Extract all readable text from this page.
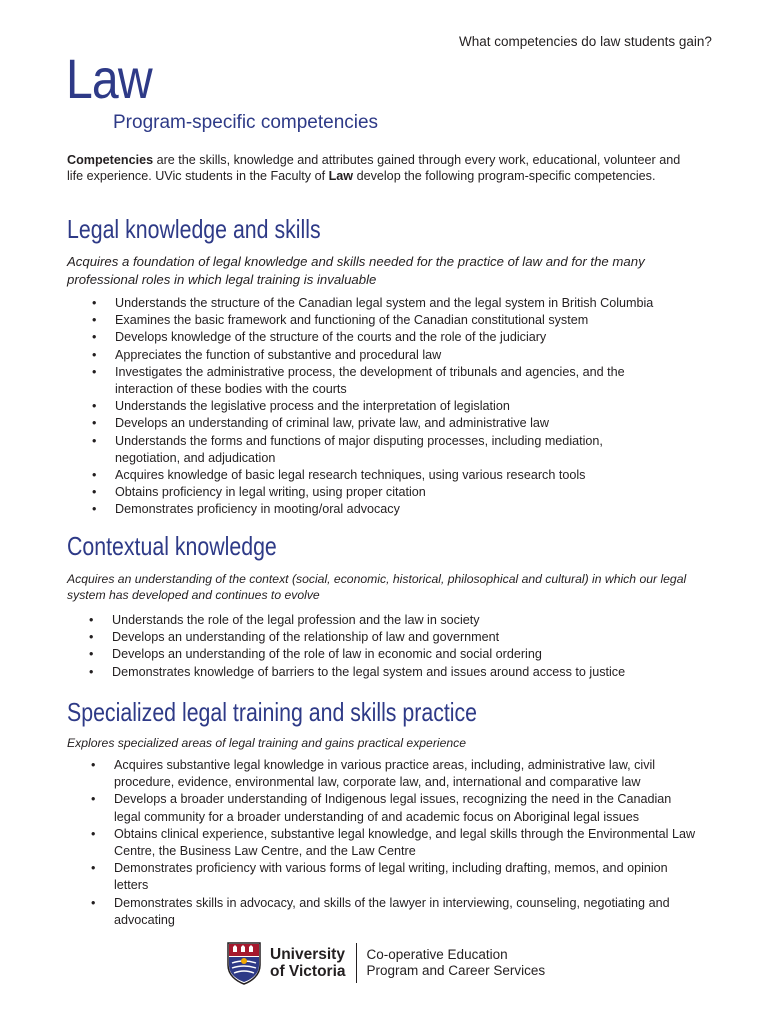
What competencies do law students gain?
Law
Program-specific competencies
Competencies are the skills, knowledge and attributes gained through every work, educational, volunteer and life experience. UVic students in the Faculty of Law develop the following program-specific competencies.
Legal knowledge and skills
Acquires a foundation of legal knowledge and skills needed for the practice of law and for the many professional roles in which legal training is invaluable
• Understands the structure of the Canadian legal system and the legal system in British Columbia
• Examines the basic framework and functioning of the Canadian constitutional system
• Develops knowledge of the structure of the courts and the role of the judiciary
• Appreciates the function of substantive and procedural law
• Investigates the administrative process, the development of tribunals and agencies, and the interaction of these bodies with the courts
• Understands the legislative process and the interpretation of legislation
• Develops an understanding of criminal law, private law, and administrative law
• Understands the forms and functions of major disputing processes, including mediation, negotiation, and adjudication
• Acquires knowledge of basic legal research techniques, using various research tools
• Obtains proficiency in legal writing, using proper citation
• Demonstrates proficiency in mooting/oral advocacy
Contextual knowledge
Acquires an understanding of the context (social, economic, historical, philosophical and cultural) in which our legal system has developed and continues to evolve
• Understands the role of the legal profession and the law in society
• Develops an understanding of the relationship of law and government
• Develops an understanding of the role of law in economic and social ordering
• Demonstrates knowledge of barriers to the legal system and issues around access to justice
Specialized legal training and skills practice
Explores specialized areas of legal training and gains practical experience
• Acquires substantive legal knowledge in various practice areas, including, administrative law, civil procedure, evidence, environmental law, corporate law, and, international and comparative law
• Develops a broader understanding of Indigenous legal issues, recognizing the need in the Canadian legal community for a broader understanding of and academic focus on Aboriginal legal issues
• Obtains clinical experience, substantive legal knowledge, and legal skills through the Environmental Law Centre, the Business Law Centre, and the Law Centre
• Demonstrates proficiency with various forms of legal writing, including drafting, memos, and opinion letters
• Demonstrates skills in advocacy, and skills of the lawyer in interviewing, counseling, negotiating and advocating
University
of Victoria
Co-operative Education
Program and Career Services
